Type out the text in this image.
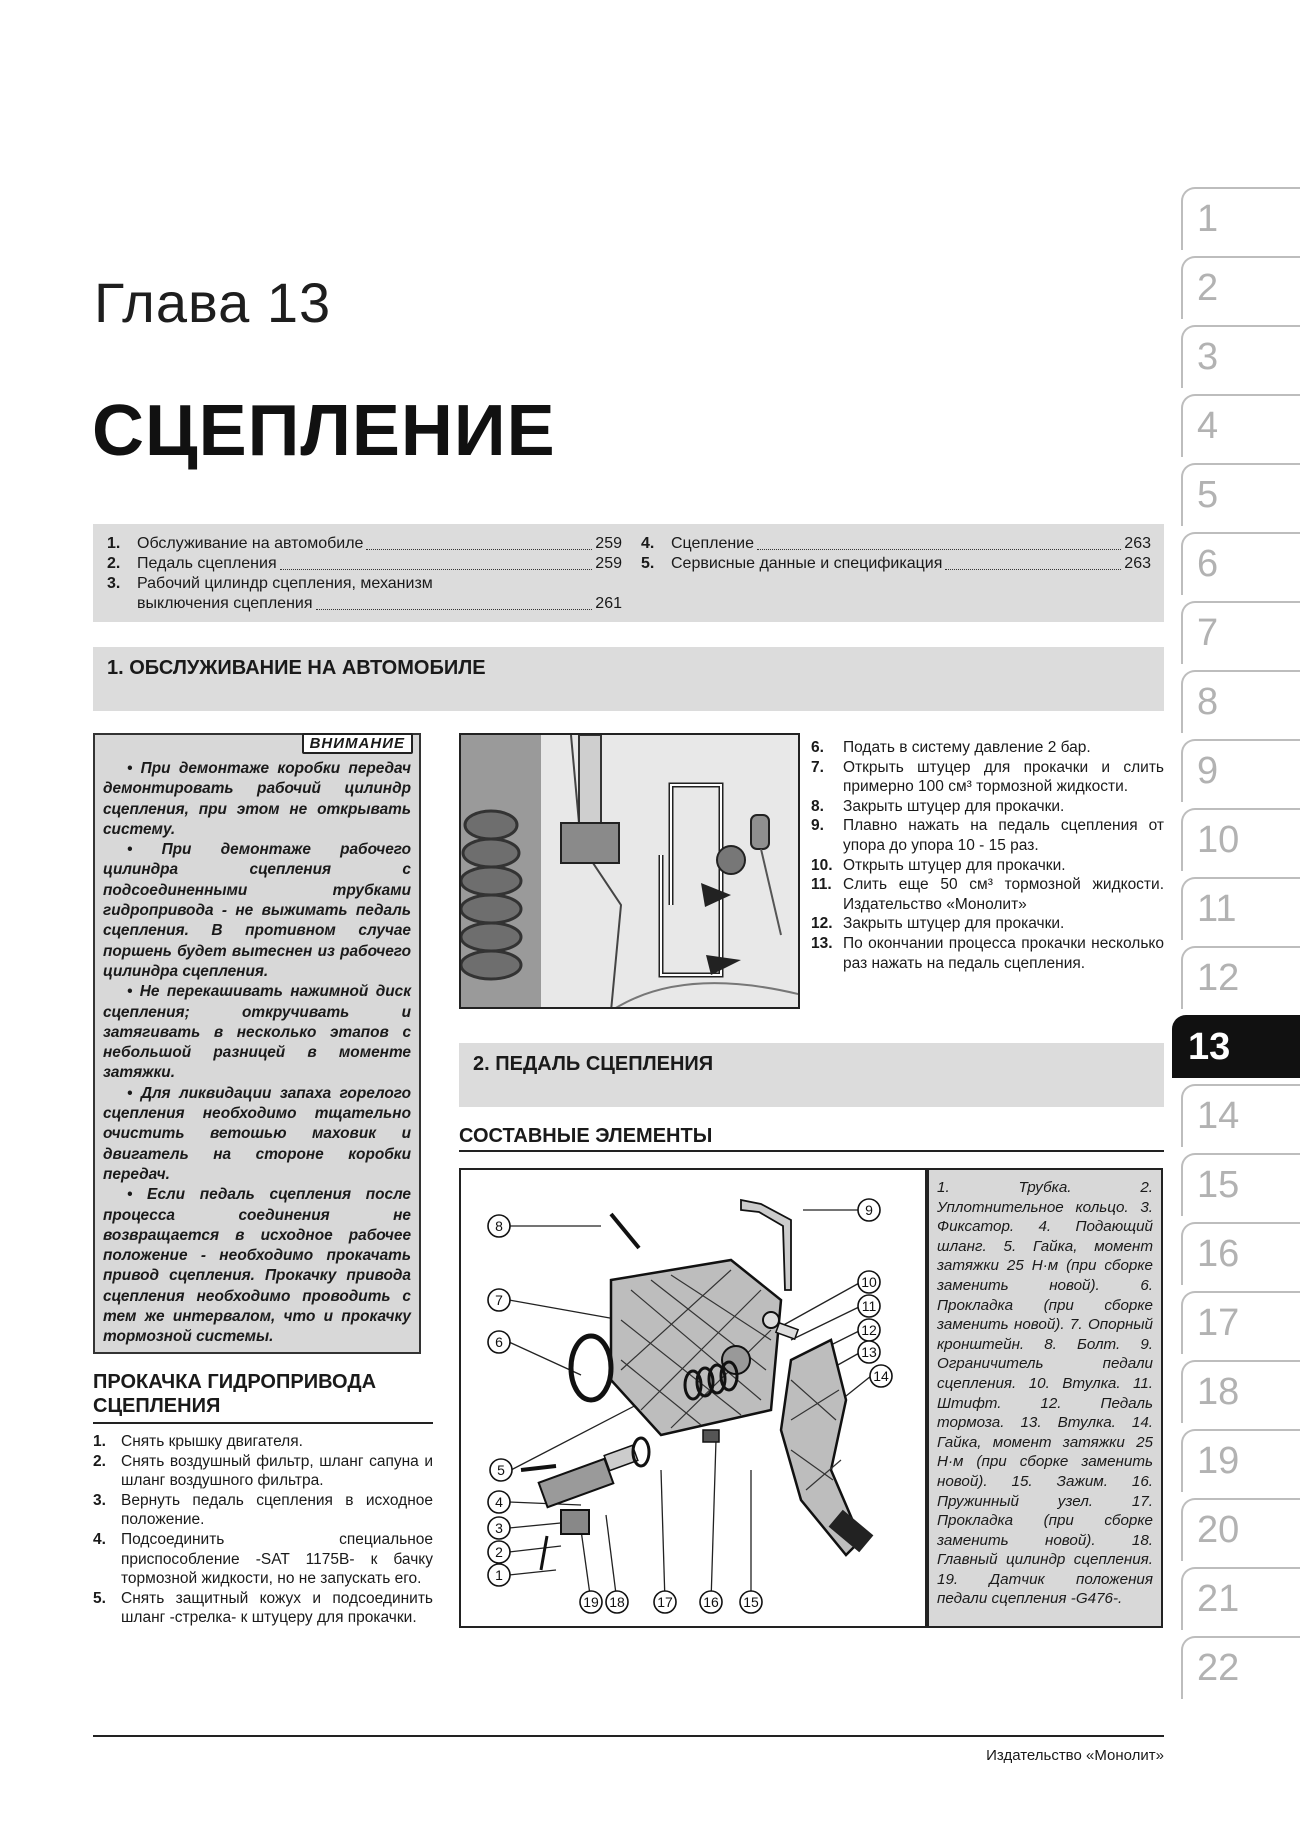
Глава 13
СЦЕПЛЕНИЕ
1.	Обслуживание на автомобиле	259
2.	Педаль сцепления	259
3.	Рабочий цилиндр сцепления, механизм
выключения сцепления	261
4.	Сцепление	263
5.	Сервисные данные и спецификация	263
1. ОБСЛУЖИВАНИЕ НА АВТОМОБИЛЕ
ВНИМАНИЕ

• При демонтаже коробки передач демонтировать рабочий цилиндр сцепления, при этом не открывать систему.

• При демонтаже рабочего цилиндра сцепления с подсоединенными трубками гидропривода - не выжимать педаль сцепления. В противном случае поршень будет вытеснен из рабочего цилиндра сцепления.

• Не перекашивать нажимной диск сцепления; откручивать и затягивать в несколько этапов с небольшой разницей в моменте затяжки.

• Для ликвидации запаха горелого сцепления необходимо тщательно очистить ветошью маховик и двигатель на стороне коробки передач.

• Если педаль сцепления после процесса соединения не возвращается в исходное рабочее положение - необходимо прокачать привод сцепления. Прокачку привода сцепления необходимо проводить с тем же интервалом, что и прокачку тормозной системы.

ПРОКАЧКА ГИДРОПРИВОДА СЦЕПЛЕНИЯ
1. Снять крышку двигателя.
2. Снять воздушный фильтр, шланг сапуна и шланг воздушного фильтра.
3. Вернуть педаль сцепления в исходное положение.
4. Подсоединить специальное приспособление -SAT 1175B- к бачку тормозной жидкости, но не запускать его.
5. Снять защитный кожух и подсоединить шланг -стрелка- к штуцеру для прокачки.
6. Подать в систему давление 2 бар.
7. Открыть штуцер для прокачки и слить примерно 100 см³ тормозной жидкости.
8. Закрыть штуцер для прокачки.
9. Плавно нажать на педаль сцепления от упора до упора 10 - 15 раз.
10. Открыть штуцер для прокачки.
11. Слить еще 50 см³ тормозной жидкости. Издательство «Монолит»
12. Закрыть штуцер для прокачки.
13. По окончании процесса прокачки несколько раз нажать на педаль сцепления.
2. ПЕДАЛЬ СЦЕПЛЕНИЯ
СОСТАВНЫЕ ЭЛЕМЕНТЫ
8
9
7
6
10
11
12
13
14
5
4
3
2
1
19 18 17 16 15
1. Трубка. 2. Уплотнительное кольцо. 3. Фиксатор. 4. Подающий шланг. 5. Гайка, момент затяжки 25 Н·м (при сборке заменить новой). 6. Прокладка (при сборке заменить новой). 7. Опорный кронштейн. 8. Болт. 9. Ограничитель педали сцепления. 10. Втулка. 11. Штифт. 12. Педаль тормоза. 13. Втулка. 14. Гайка, момент затяжки 25 Н·м (при сборке заменить новой). 15. Зажим. 16. Пружинный узел. 17. Прокладка (при сборке заменить новой). 18. Главный цилиндр сцепления. 19. Датчик положения педали сцепления -G476-.
1
2
3
4
5
6
7
8
9
10
11
12
13
14
15
16
17
18
19
20
21
22
Издательство «Монолит»
